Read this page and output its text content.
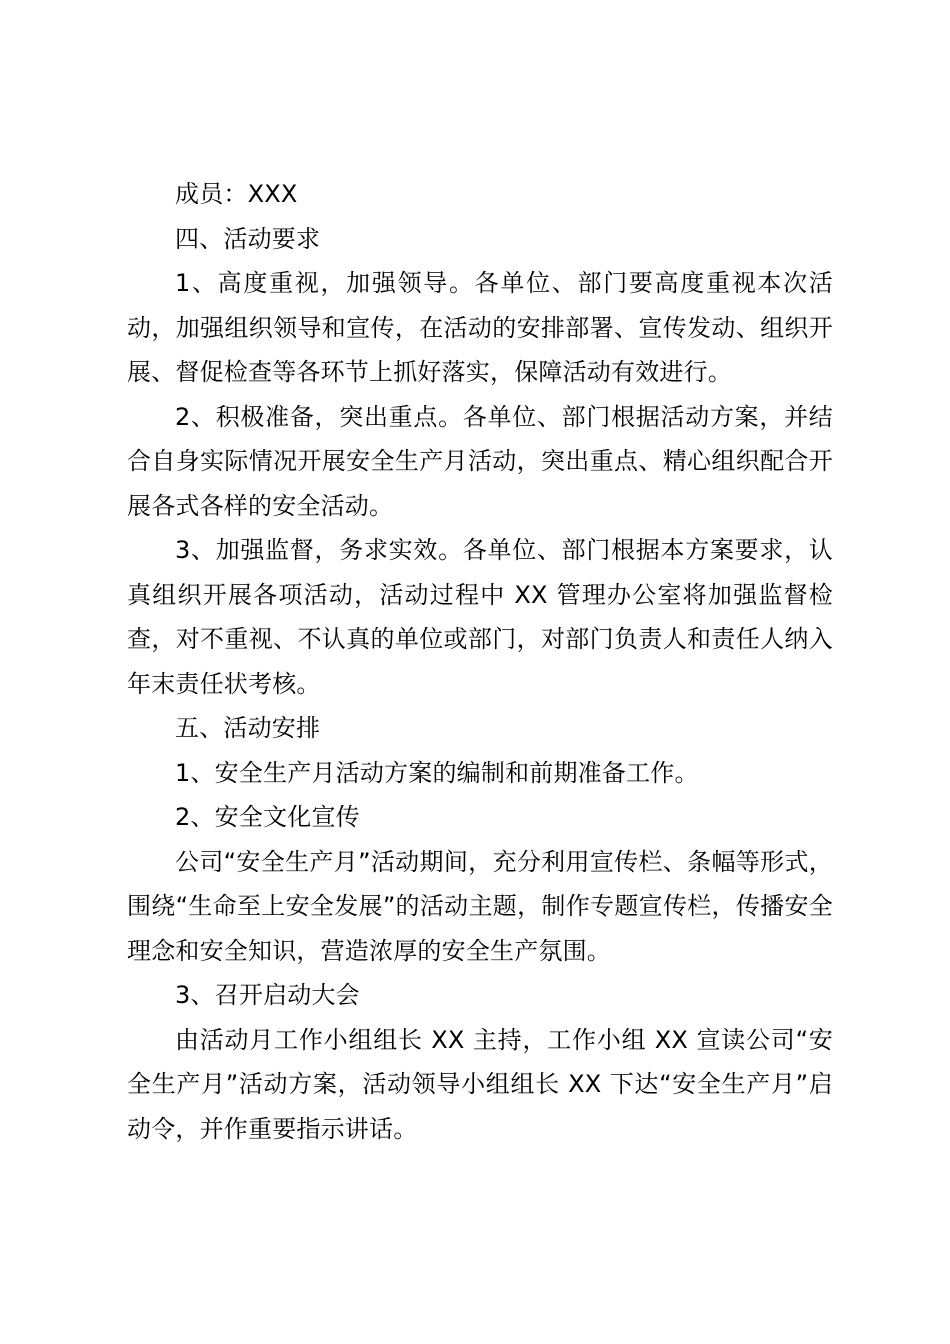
成员：XXX

四、活动要求

1、高度重视，加强领导。各单位、部门要高度重视本次活动，加强组织领导和宣传，在活动的安排部署、宣传发动、组织开展、督促检查等各环节上抓好落实，保障活动有效进行。

2、积极准备，突出重点。各单位、部门根据活动方案，并结合自身实际情况开展安全生产月活动，突出重点、精心组织配合开展各式各样的安全活动。

3、加强监督，务求实效。各单位、部门根据本方案要求，认真组织开展各项活动，活动过程中 XX 管理办公室将加强监督检查，对不重视、不认真的单位或部门，对部门负责人和责任人纳入年末责任状考核。

五、活动安排

1、安全生产月活动方案的编制和前期准备工作。

2、安全文化宣传

公司“安全生产月”活动期间，充分利用宣传栏、条幅等形式，围绕“生命至上安全发展”的活动主题，制作专题宣传栏，传播安全理念和安全知识，营造浓厚的安全生产氛围。

3、召开启动大会

由活动月工作小组组长 XX 主持，工作小组 XX 宣读公司“安全生产月”活动方案，活动领导小组组长 XX 下达“安全生产月”启动令，并作重要指示讲话。
